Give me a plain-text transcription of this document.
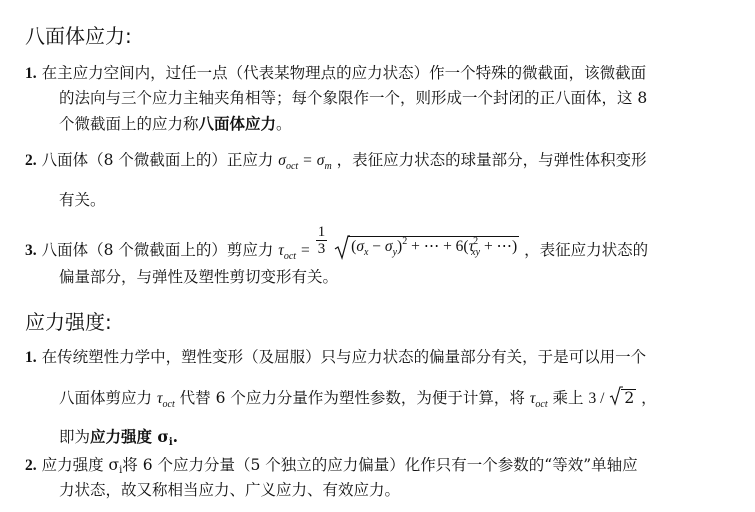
八面体应力:
1. 在主应力空间内，过任一点（代表某物理点的应力状态）作一个特殊的微截面，该微截面
的法向与三个应力主轴夹角相等；每个象限作一个，则形成一个封闭的正八面体，这 8
个微截面上的应力称八面体应力。
2. 八面体（8 个微截面上的）正应力 $\sigma_{oct} = \sigma_m$ ，表征应力状态的球量部分，与弹性体积变形
有关。
3. 八面体（8 个微截面上的）剪应力 $\tau_{oct} = \frac{1}{3}$
$(\sigma_x - \sigma_y)^2$ + ⋯ + $6(\tau^2_{xy}$ + ⋯) ，表征应力状态的
偏量部分，与弹性及塑性剪切变形有关。
应力强度:
1. 在传统塑性力学中，塑性变形（及屈服）只与应力状态的偏量部分有关，于是可以用一个
八面体剪应力 $\tau_{oct}$ 代替 6 个应力分量作为塑性参数，为便于计算，将 $\tau_{oct}$ 乘上 3 /
2 ，
即为应力强度 σi.
2. 应力强度 σi将 6 个应力分量（5 个独立的应力偏量）化作只有一个参数的“等效”单轴应
力状态，故又称相当应力、广义应力、有效应力。
